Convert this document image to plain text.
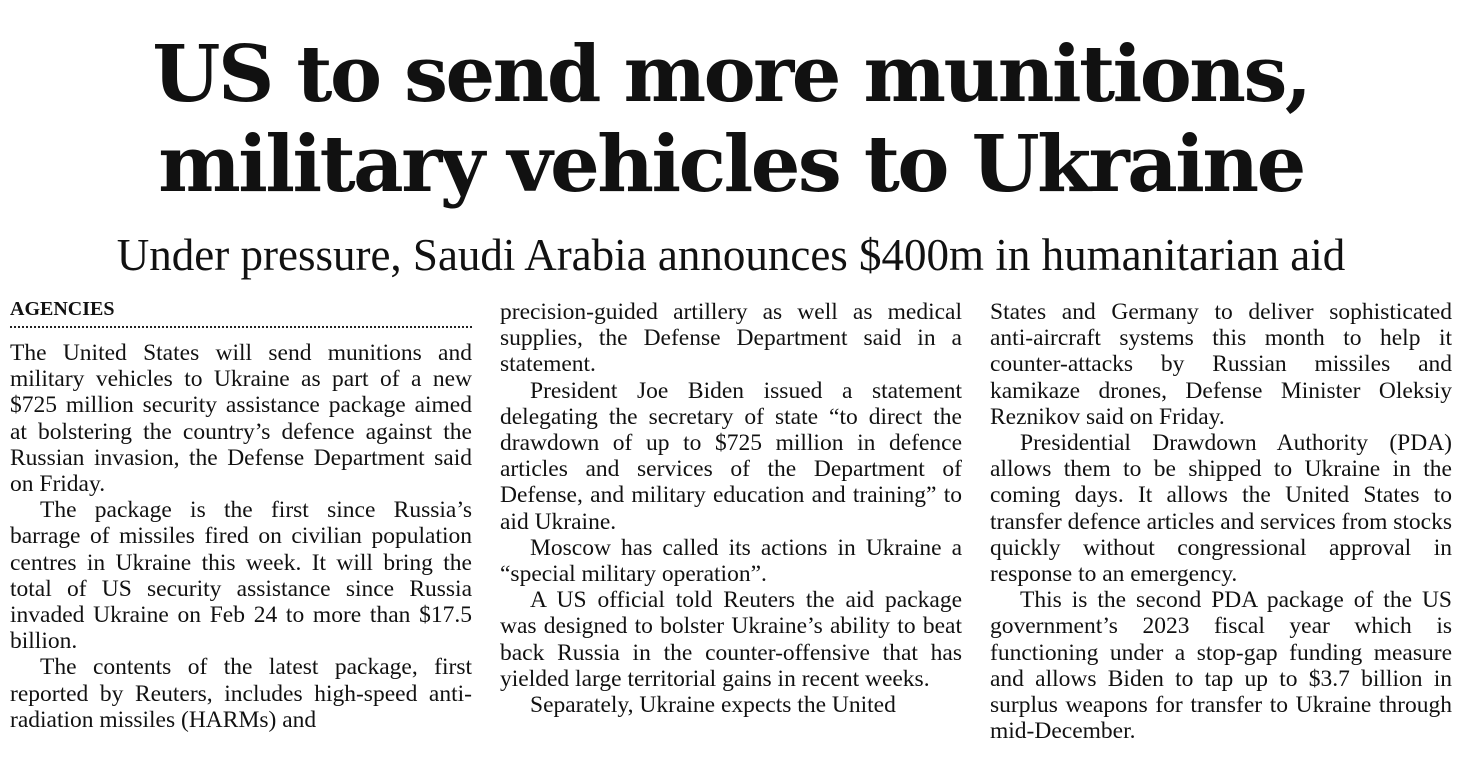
US to send more munitions, military vehicles to Ukraine
Under pressure, Saudi Arabia announces $400m in humanitarian aid
AGENCIES

The United States will send munitions and military vehicles to Ukraine as part of a new $725 million security assistance package aimed at bolstering the country’s defence against the Russian invasion, the Defense Department said on Friday.

The package is the first since Russia’s barrage of missiles fired on civilian population centres in Ukraine this week. It will bring the total of US security assistance since Russia invaded Ukraine on Feb 24 to more than $17.5 billion.

The contents of the latest package, first reported by Reuters, includes high-speed anti-radiation missiles (HARMs) and

precision-guided artillery as well as medical supplies, the Defense Department said in a statement.

President Joe Biden issued a statement delegating the secretary of state “to direct the drawdown of up to $725 million in defence articles and services of the Department of Defense, and military education and training” to aid Ukraine.

Moscow has called its actions in Ukraine a “special military operation”.

A US official told Reuters the aid package was designed to bolster Ukraine’s ability to beat back Russia in the counter-offensive that has yielded large territorial gains in recent weeks.

Separately, Ukraine expects the United

States and Germany to deliver sophisticated anti-aircraft systems this month to help it counter-attacks by Russian missiles and kamikaze drones, Defense Minister Oleksiy Reznikov said on Friday.

Presidential Drawdown Authority (PDA) allows them to be shipped to Ukraine in the coming days. It allows the United States to transfer defence articles and services from stocks quickly without congressional approval in response to an emergency.

This is the second PDA package of the US government’s 2023 fiscal year which is functioning under a stop-gap funding measure and allows Biden to tap up to $3.7 billion in surplus weapons for transfer to Ukraine through mid-December.
